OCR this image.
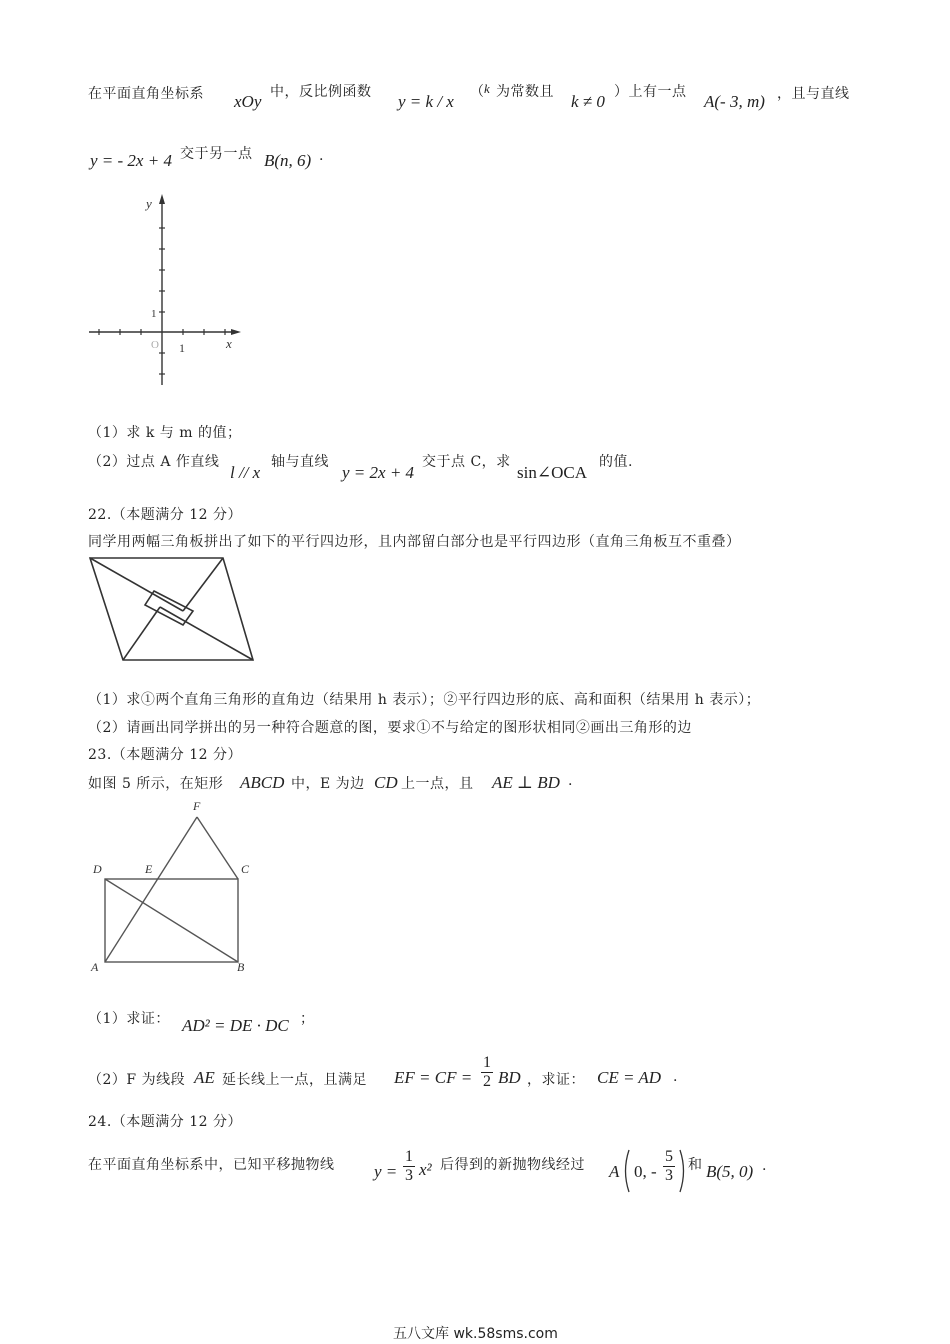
在平面直角坐标系 xOy 中，反比例函数 y = k / x （ k 为常数且 k ≠ 0 ）上有一点 A(- 3, m) ，且与直线
y = - 2x + 4 交于另一点 B(n, 6) .
y
x
1
1
O
（1）求 k 与 m 的值；
（2）过点 A 作直线
l // x
轴与直线
y = 2x + 4
交于点 C，求
sin∠OCA
的值.
22.（本题满分 12 分）
同学用两幅三角板拼出了如下的平行四边形，且内部留白部分也是平行四边形（直角三角板互不重叠）
（1）求①两个直角三角形的直角边（结果用 h 表示）；②平行四边形的底、高和面积（结果用 h 表示）；
（2）请画出同学拼出的另一种符合题意的图，要求①不与给定的图形状相同②画出三角形的边
23.（本题满分 12 分）
如图 5 所示，在矩形 ABCD 中，E 为边 CD 上一点，且 AE ⊥ BD .
F
D	E	C
A	B
（1）求证： AD² = DE · DC ；
（2）F 为线段 AE 延长线上一点，且满足 EF = CF =
1
2 BD ，求证： CE = AD .
24.（本题满分 12 分）
在平面直角坐标系中，已知平移抛物线 y =
1
3 x² 后得到的新抛物线经过 A 0, -
5
3
和 B(5, 0) .
五八文库 wk.58sms.com
